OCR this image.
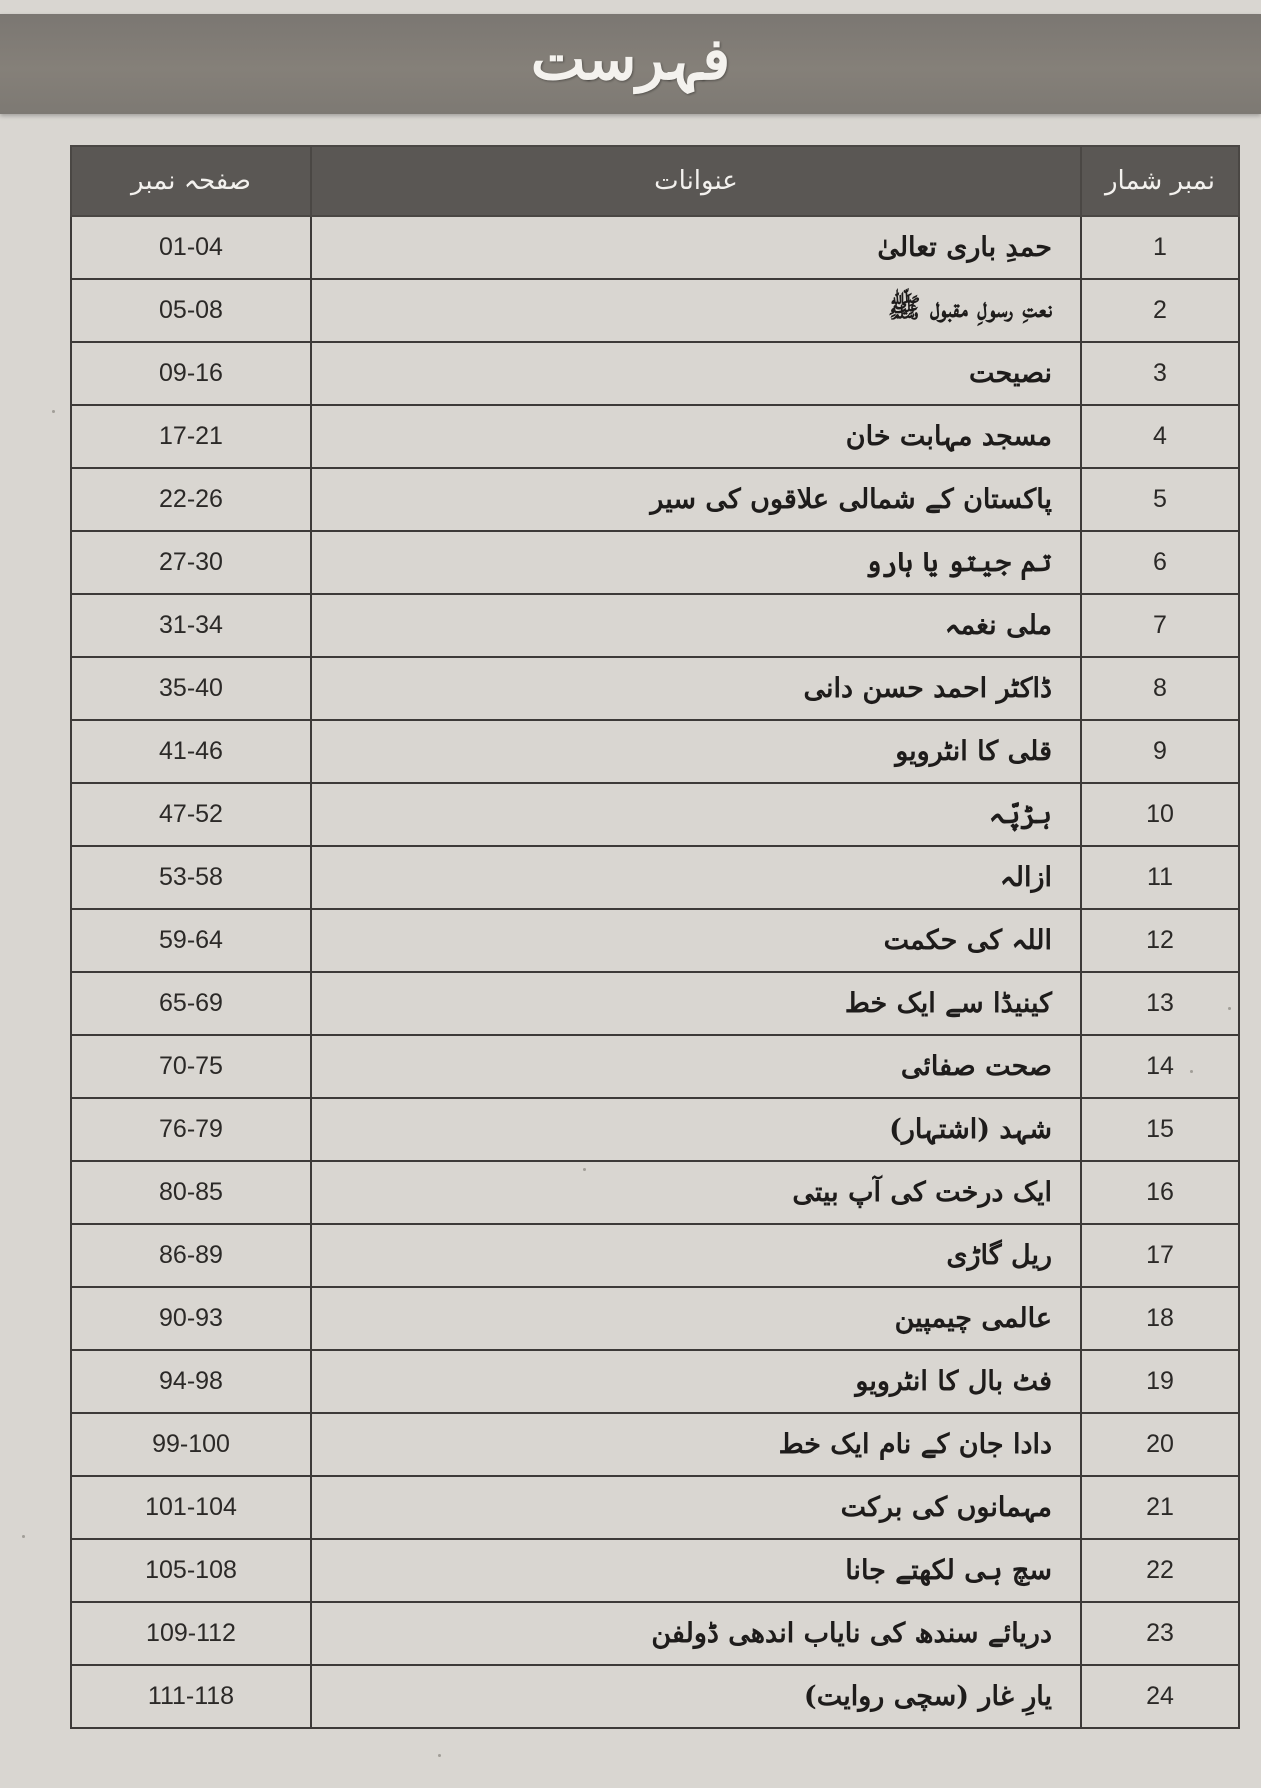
فہرست
نمبر شمار	عنوانات	صفحہ نمبر
1	حمدِ باری تعالیٰ	01-04
2	نعتِ رسولِ مقبول ﷺ	05-08
3	نصیحت	09-16
4	مسجد مہابت خان	17-21
5	پاکستان کے شمالی علاقوں کی سیر	22-26
6	تم جیتو یا ہارو	27-30
7	ملی نغمہ	31-34
8	ڈاکٹر احمد حسن دانی	35-40
9	قلی کا انٹرویو	41-46
10	ہڑپّہ	47-52
11	ازالہ	53-58
12	اللہ کی حکمت	59-64
13	کینیڈا سے ایک خط	65-69
14	صحت صفائی	70-75
15	شہد (اشتہار)	76-79
16	ایک درخت کی آپ بیتی	80-85
17	ریل گاڑی	86-89
18	عالمی چیمپین	90-93
19	فٹ بال کا انٹرویو	94-98
20	دادا جان کے نام ایک خط	99-100
21	مہمانوں کی برکت	101-104
22	سچ ہی لکھتے جانا	105-108
23	دریائے سندھ کی نایاب اندھی ڈولفن	109-112
24	یارِ غار (سچی روایت)	111-118
